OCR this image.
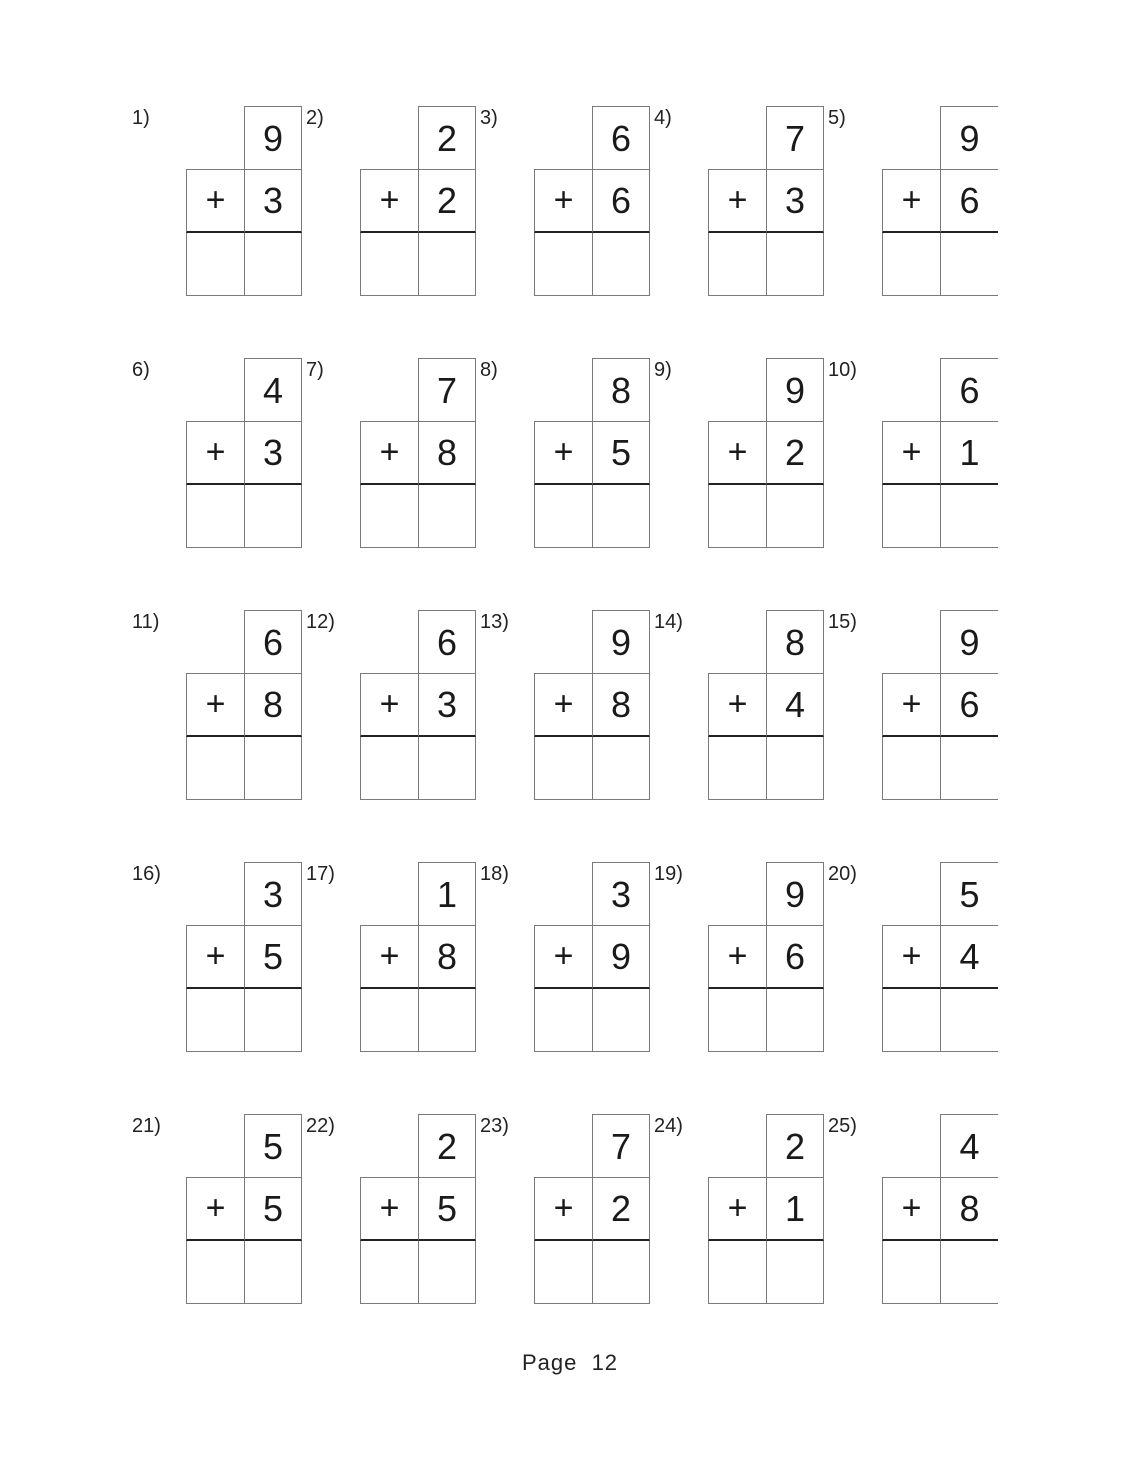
1)	9
+	3
2)	2
+	2
3)	6
+	6
4)	7
+	3
5)	9
+	6
6)	4
+	3
7)	7
+	8
8)	8
+	5
9)	9
+	2
10)	6
+	1
11)	6
+	8
12)	6
+	3
13)	9
+	8
14)	8
+	4
15)	9
+	6
16)	3
+	5
17)	1
+	8
18)	3
+	9
19)	9
+	6
20)	5
+	4
21)	5
+	5
22)	2
+	5
23)	7
+	2
24)	2
+	1
25)	4
+	8
Page 12
